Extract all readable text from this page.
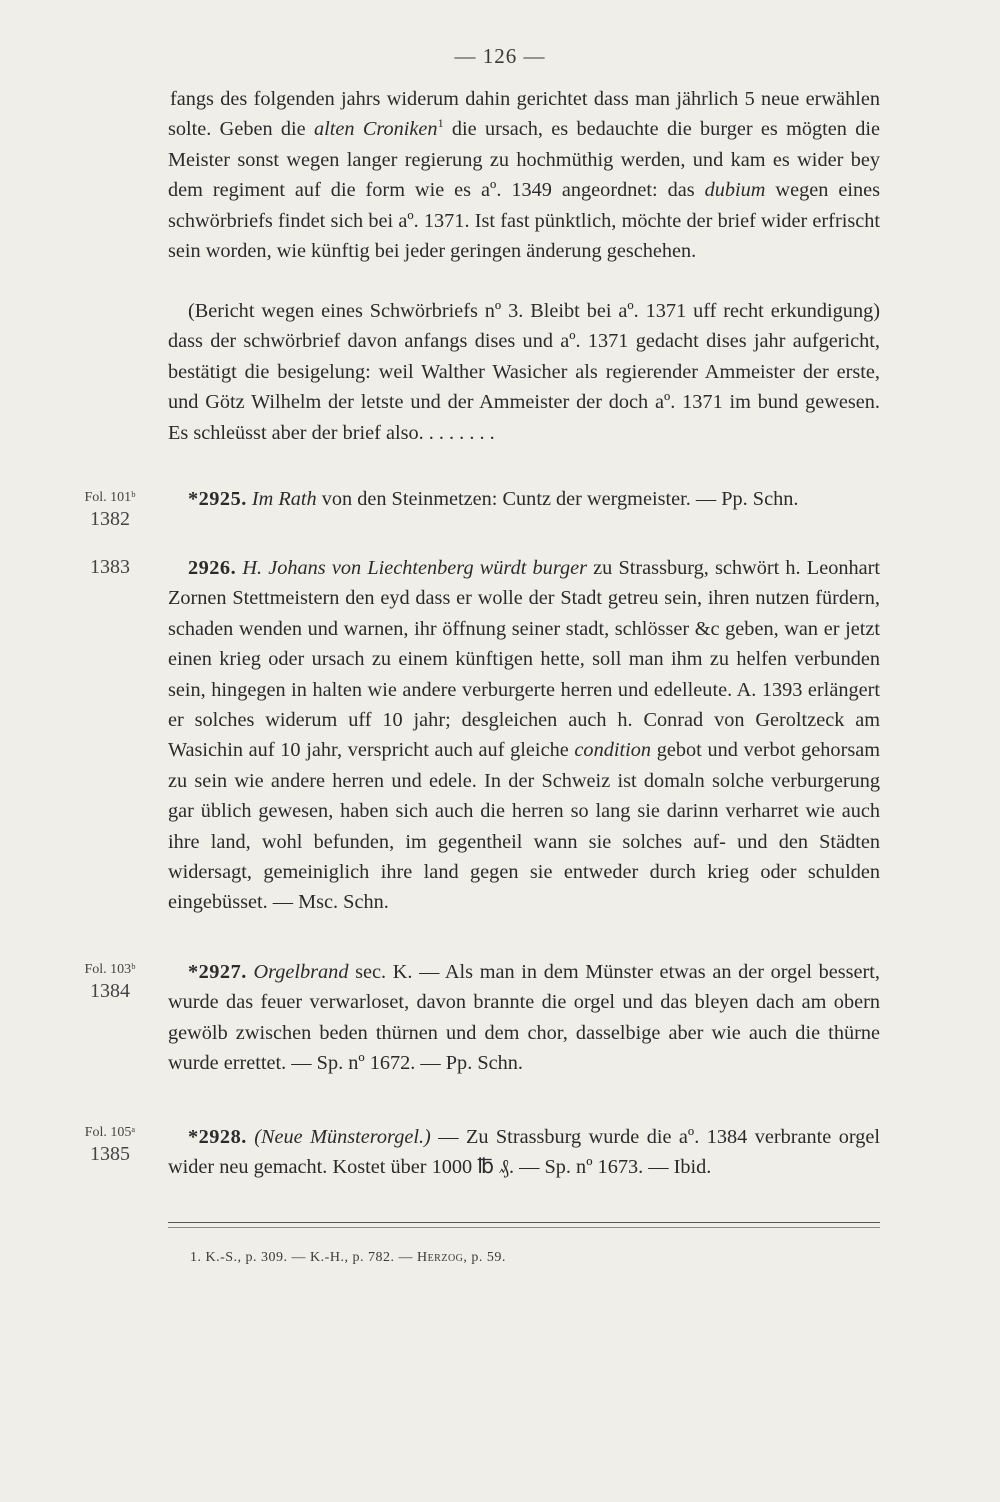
— 126 —

fangs des folgenden jahrs widerum dahin gerichtet dass man jährlich 5 neue erwählen solte. Geben die alten Croniken$^1$ die ursach, es bedauchte die burger es mögten die Meister sonst wegen langer regierung zu hochmüthig werden, und kam es wider bey dem regiment auf die form wie es aº. 1349 angeordnet: das dubium wegen eines schwörbriefs findet sich bei aº. 1371. Ist fast pünktlich, möchte der brief wider erfrischt sein worden, wie künftig bei jeder geringen änderung geschehen.

(Bericht wegen eines Schwörbriefs nº 3. Bleibt bei aº. 1371 uff recht erkundigung) dass der schwörbrief davon anfangs dises und aº. 1371 gedacht dises jahr aufgericht, bestätigt die besigelung: weil Walther Wasicher als regierender Ammeister der erste, und Götz Wilhelm der letste und der Ammeister der doch aº. 1371 im bund gewesen. Es schleüsst aber der brief also. . . . . . . .

Fol. 101ᵇ
1382

*2925. Im Rath von den Steinmetzen: Cuntz der wergmeister. — Pp. Schn.

1383	2926. H. Johans von Liechtenberg würdt burger zu Strassburg, schwört h. Leonhart Zornen Stettmeistern den eyd dass er wolle der Stadt getreu sein, ihren nutzen fürdern, schaden wenden und warnen, ihr öffnung seiner stadt, schlösser &c geben, wan er jetzt einen krieg oder ursach zu einem künftigen hette, soll man ihm zu helfen verbunden sein, hingegen in halten wie andere verburgerte herren und edelleute. A. 1393 erlängert er solches widerum uff 10 jahr; desgleichen auch h. Conrad von Geroltzeck am Wasichin auf 10 jahr, verspricht auch auf gleiche condition gebot und verbot gehorsam zu sein wie andere herren und edele. In der Schweiz ist domaln solche verburgerung gar üblich gewesen, haben sich auch die herren so lang sie darinn verharret wie auch ihre land, wohl befunden, im gegentheil wann sie solches auf- und den Städten widersagt, gemeiniglich ihre land gegen sie entweder durch krieg oder schulden eingebüsset. — Msc. Schn.

Fol. 103ᵇ
1384

*2927. Orgelbrand sec. K. — Als man in dem Münster etwas an der orgel bessert, wurde das feuer verwarloset, davon brannte die orgel und das bleyen dach am obern gewölb zwischen beden thürnen und dem chor, dasselbige aber wie auch die thürne wurde errettet. — Sp. nº 1672. — Pp. Schn.

Fol. 105ᵃ
1385

*2928. (Neue Münsterorgel.) — Zu Strassburg wurde die aº. 1384 verbrante orgel wider neu gemacht. Kostet über 1000 ℔ ₰. — Sp. nº 1673. — Ibid.

1. K.-S., p. 309. — K.-H., p. 782. — Herzog, p. 59.
